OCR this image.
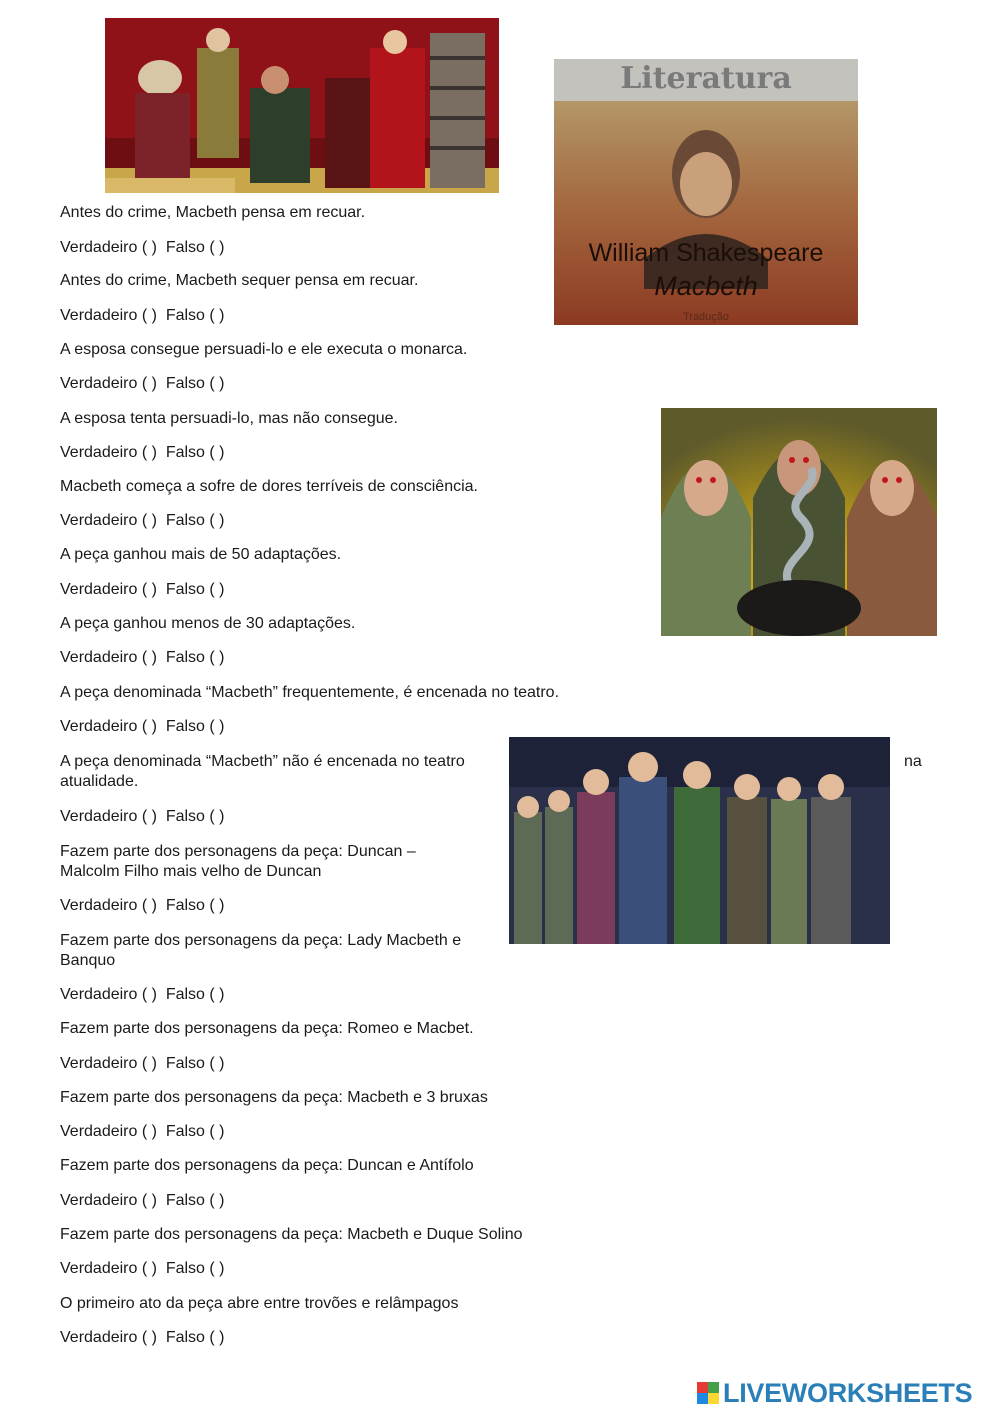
Literatura
William Shakespeare
Macbeth
Tradução
Antes do crime, Macbeth pensa em recuar.
Verdadeiro ( )  Falso ( )
Antes do crime, Macbeth sequer pensa em recuar.
Verdadeiro ( )  Falso ( )
A esposa consegue persuadi-lo e ele executa o monarca.
Verdadeiro ( )  Falso ( )
A esposa tenta persuadi-lo, mas não consegue.
Verdadeiro ( )  Falso ( )
Macbeth começa a sofre de dores terríveis de consciência.
Verdadeiro ( )  Falso ( )
A peça ganhou mais de 50 adaptações.
Verdadeiro ( )  Falso ( )
A peça ganhou menos de 30 adaptações.
Verdadeiro ( )  Falso ( )
A peça denominada “Macbeth” frequentemente, é encenada no teatro.
Verdadeiro ( )  Falso ( )
A peça denominada “Macbeth” não é encenada no teatro	na
atualidade.
Verdadeiro ( )  Falso ( )
Fazem parte dos personagens da peça: Duncan –
Malcolm Filho mais velho de Duncan
Verdadeiro ( )  Falso ( )
Fazem parte dos personagens da peça: Lady Macbeth e
Banquo
Verdadeiro ( )  Falso ( )
Fazem parte dos personagens da peça: Romeo e Macbet.
Verdadeiro ( )  Falso ( )
Fazem parte dos personagens da peça: Macbeth e 3 bruxas
Verdadeiro ( )  Falso ( )
Fazem parte dos personagens da peça: Duncan e Antífolo
Verdadeiro ( )  Falso ( )
Fazem parte dos personagens da peça: Macbeth e Duque Solino
Verdadeiro ( )  Falso ( )
O primeiro ato da peça abre entre trovões e relâmpagos
Verdadeiro ( )  Falso ( )
LIVEWORKSHEETS
